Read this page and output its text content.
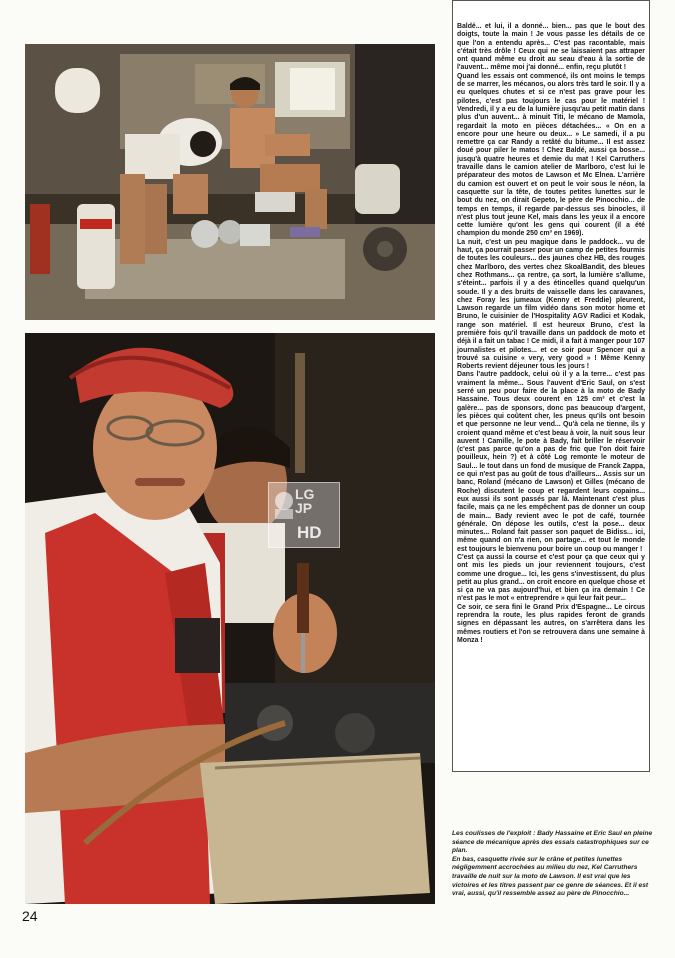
LG
JP
HD

Baldé... et lui, il a donné... bien... pas que le bout des doigts, toute la main ! Je vous passe les détails de ce que l'on a entendu après... C'est pas racontable, mais c'était très drôle ! Ceux qui ne se laissaient pas attraper ont quand même eu droit au seau d'eau à la sortie de l'auvent... même moi j'ai donné... enfin, reçu plutôt !

Quand les essais ont commencé, ils ont moins le temps de se marrer, les mécanos, ou alors très tard le soir. Il y a eu quelques chutes et si ce n'est pas grave pour les pilotes, c'est pas toujours le cas pour le matériel ! Vendredi, il y a eu de la lumière jusqu'au petit matin dans plus d'un auvent... à minuit Titi, le mécano de Mamola, regardait la moto en pièces détachées... « On en a encore pour une heure ou deux... » Le samedi, il a pu remettre ça car Randy a retâté du bitume... Il est assez doué pour piler le matos ! Chez Baldé, aussi ça bosse... jusqu'à quatre heures et demie du mat ! Kel Carruthers travaille dans le camion atelier de Marlboro, c'est lui le préparateur des motos de Lawson et Mc Elnea. L'arrière du camion est ouvert et on peut le voir sous le néon, la casquette sur la tête, de toutes petites lunettes sur le bout du nez, on dirait Gepeto, le père de Pinocchio... de temps en temps, il regarde par-dessus ses binocles, il n'est plus tout jeune Kel, mais dans les yeux il a encore cette lumière qu'ont les gens qui courent (il a été champion du monde 250 cm³ en 1969).

La nuit, c'est un peu magique dans le paddock... vu de haut, ça pourrait passer pour un camp de petites fourmis de toutes les couleurs... des jaunes chez HB, des rouges chez Marlboro, des vertes chez SkoalBandit, des bleues chez Rothmans... ça rentre, ça sort, la lumière s'allume, s'éteint... parfois il y a des étincelles quand quelqu'un soude. Il y a des bruits de vaisselle dans les caravanes, chez Foray les jumeaux (Kenny et Freddie) pleurent, Lawson regarde un film vidéo dans son motor home et Bruno, le cuisinier de l'Hospitality AGV Radici et Kodak, range son matériel. Il est heureux Bruno, c'est la première fois qu'il travaille dans un paddock de moto et déjà il a fait un tabac ! Ce midi, il a fait à manger pour 107 journalistes et pilotes... et ce soir pour Spencer qui a trouvé sa cuisine « very, very good » ! Même Kenny Roberts revient déjeuner tous les jours !

Dans l'autre paddock, celui où il y a la terre... c'est pas vraiment la même... Sous l'auvent d'Eric Saul, on s'est serré un peu pour faire de la place à la moto de Bady Hassaine. Tous deux courent en 125 cm³ et c'est la galère... pas de sponsors, donc pas beaucoup d'argent, les pièces qui coûtent cher, les pneus qu'ils ont besoin et que personne ne leur vend... Qu'à cela ne tienne, ils y croient quand même et c'est beau à voir, la nuit sous leur auvent ! Camille, le pote à Bady, fait briller le réservoir (c'est pas parce qu'on a pas de fric que l'on doit faire pouilleux, hein ?) et à côté Log remonte le moteur de Saul... le tout dans un fond de musique de Franck Zappa, ce qui n'est pas au goût de tous d'ailleurs... Assis sur un banc, Roland (mécano de Lawson) et Gilles (mécano de Roche) discutent le coup et regardent leurs copains... eux aussi ils sont passés par là. Maintenant c'est plus facile, mais ça ne les empêchent pas de donner un coup de main... Bady revient avec le pot de café, tournée générale. On dépose les outils, c'est la pose... deux minutes... Roland fait passer son paquet de Bidiss... ici, même quand on n'a rien, on partage... et tout le monde est toujours le bienvenu pour boire un coup ou manger !

C'est ça aussi la course et c'est pour ça que ceux qui y ont mis les pieds un jour reviennent toujours, c'est comme une drogue... Ici, les gens s'investissent, du plus petit au plus grand... on croit encore en quelque chose et si ça ne va pas aujourd'hui, et bien ça ira demain ! Ce n'est pas le mot « entreprendre » qui leur fait peur...

Ce soir, ce sera fini le Grand Prix d'Espagne... Le circus reprendra la route, les plus rapides feront de grands signes en dépassant les autres, on s'arrêtera dans les mêmes routiers et l'on se retrouvera dans une semaine à Monza !

Les coulisses de l'exploit : Bady Hassaine et Eric Saul en pleine séance de mécanique après des essais catastrophiques sur ce plan.

En bas, casquette rivée sur le crâne et petites lunettes négligemment accrochées au milieu du nez, Kel Carruthers travaille de nuit sur la moto de Lawson. Il est vrai que les victoires et les titres passent par ce genre de séances. Et il est vrai, aussi, qu'il ressemble assez au père de Pinocchio...

24
